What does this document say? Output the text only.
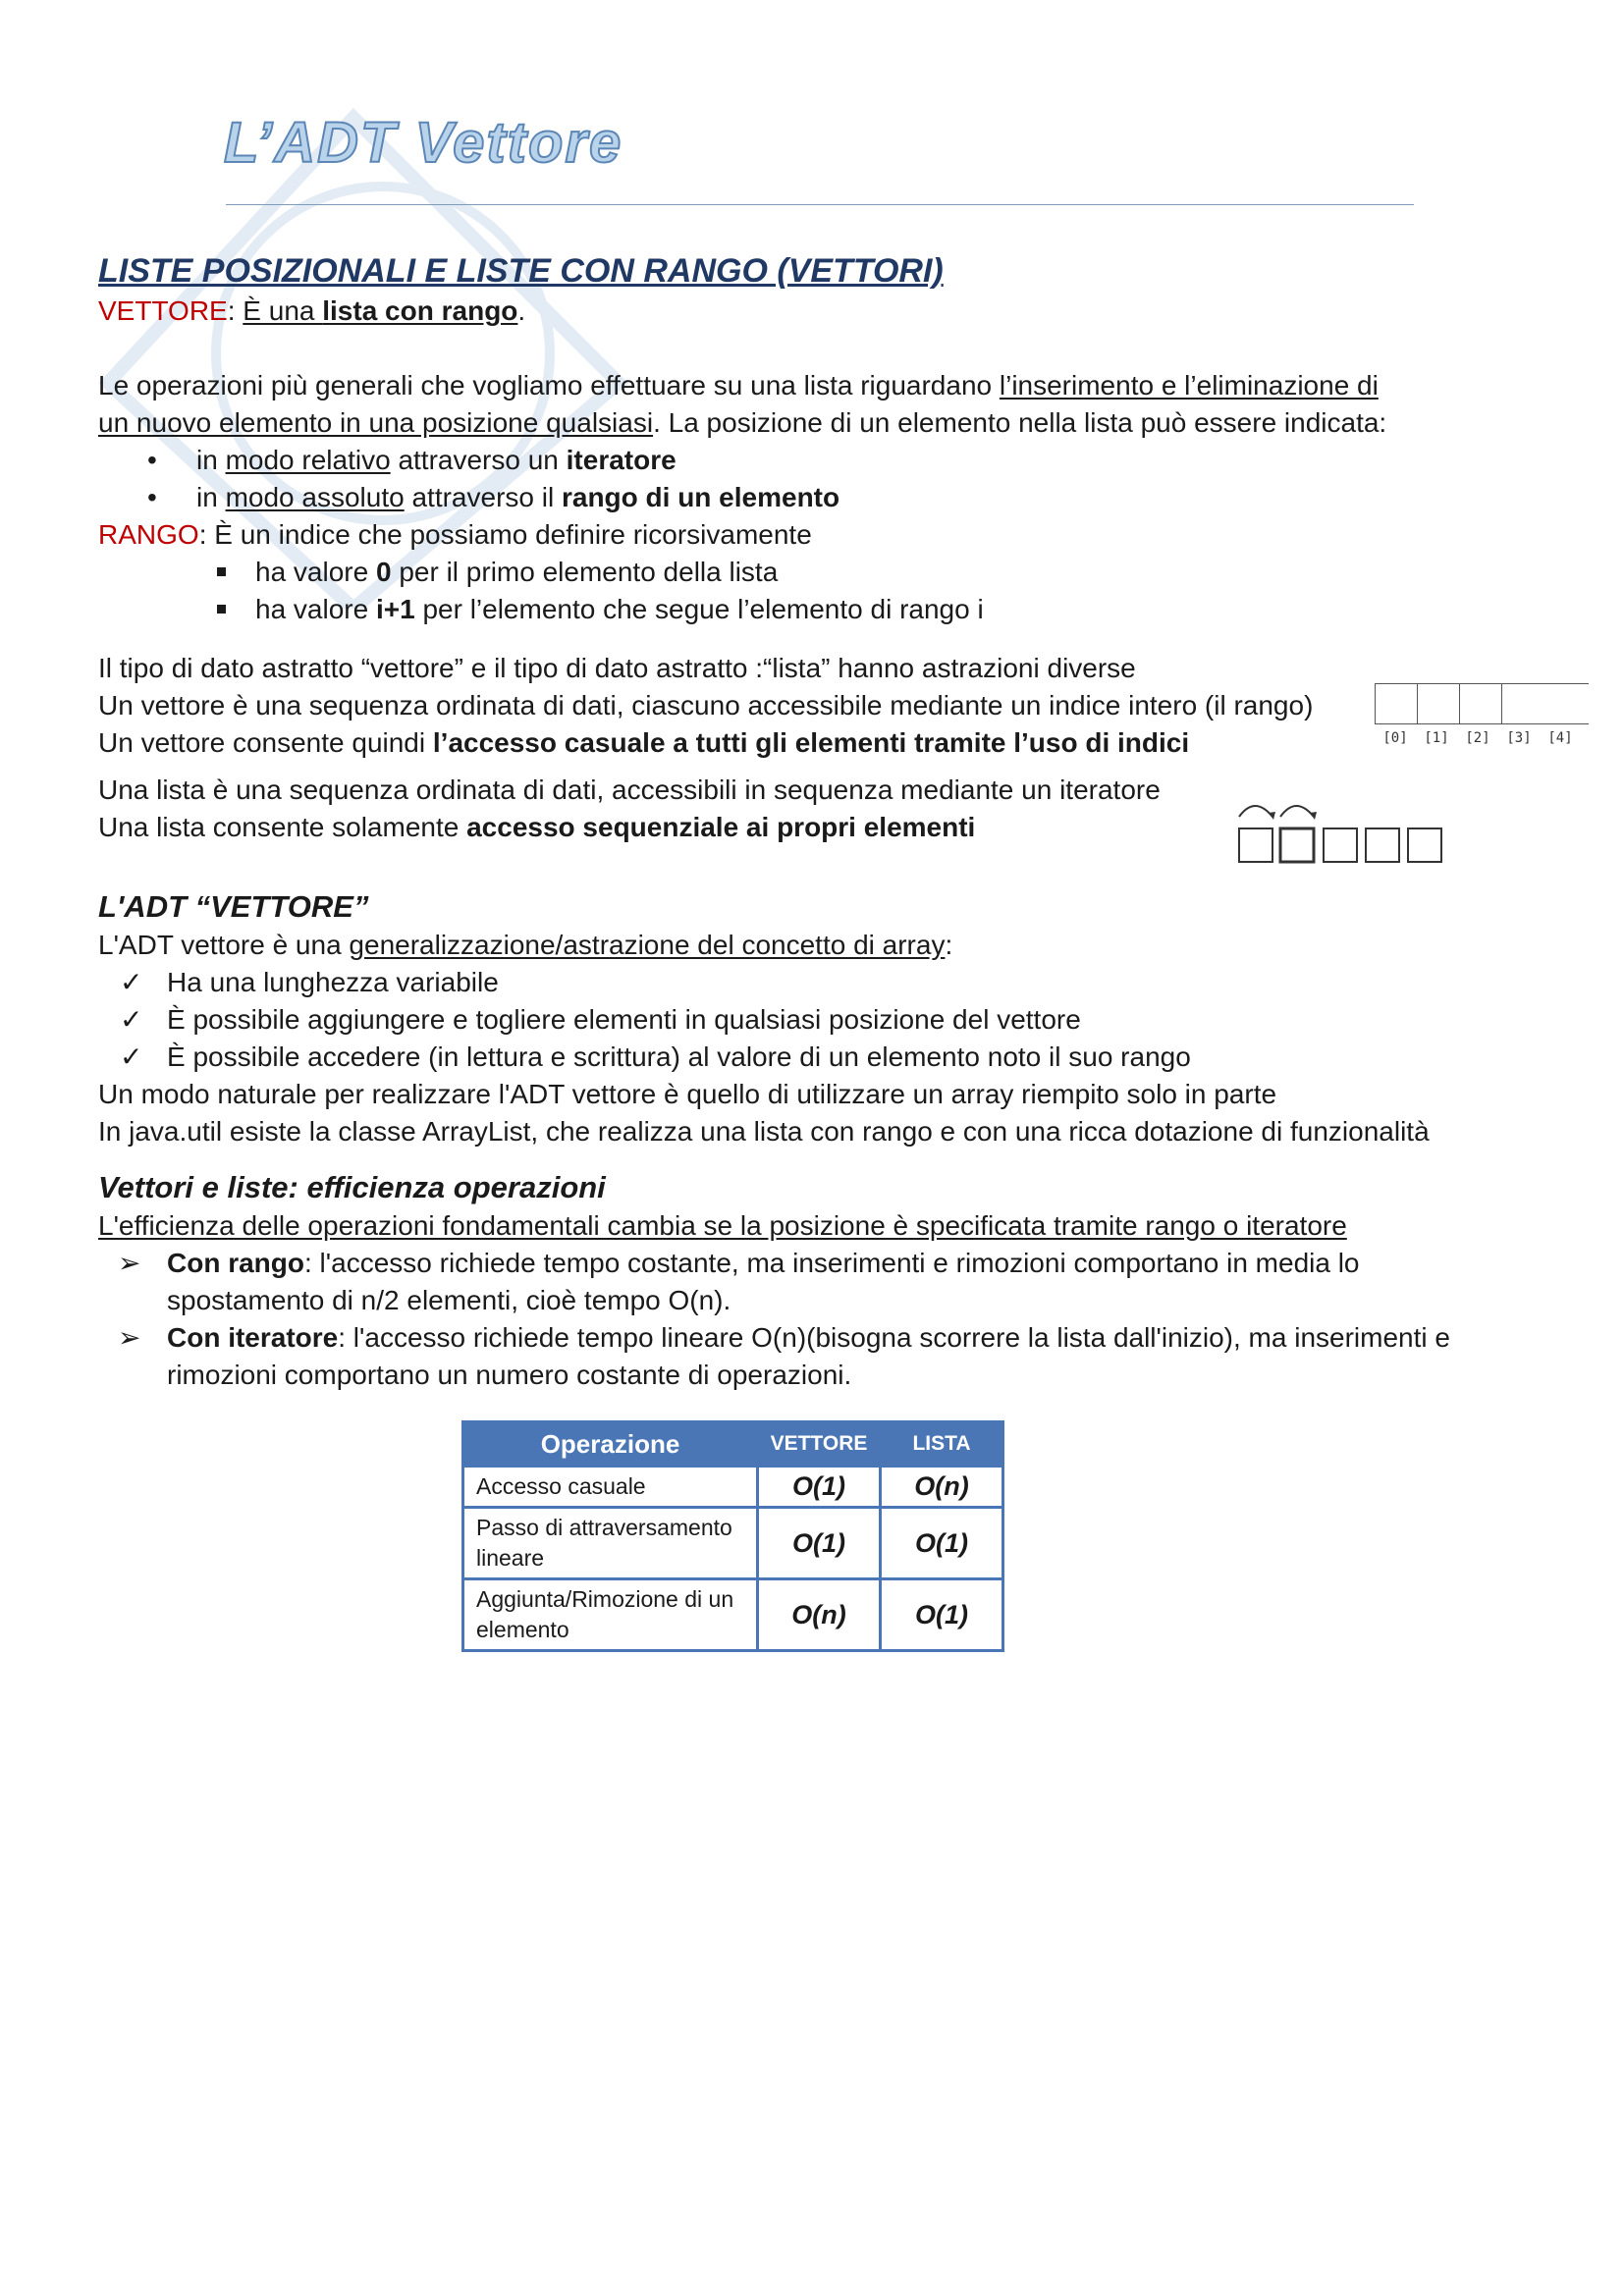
L’ADT Vettore

LISTE POSIZIONALI E LISTE CON RANGO (VETTORI)

VETTORE: È una lista con rango.

Le operazioni più generali che vogliamo effettuare su una lista riguardano l’inserimento e l’eliminazione di
un nuovo elemento in una posizione qualsiasi. La posizione di un elemento nella lista può essere indicata:

• in modo relativo attraverso un iteratore
• in modo assoluto attraverso il rango di un elemento

RANGO: È un indice che possiamo definire ricorsivamente

ha valore 0 per il primo elemento della lista
ha valore i+1 per l’elemento che segue l’elemento di rango i

Il tipo di dato astratto “vettore” e il tipo di dato astratto :“lista” hanno astrazioni diverse

Un vettore è una sequenza ordinata di dati, ciascuno accessibile mediante un indice intero (il rango)

Un vettore consente quindi l’accesso casuale a tutti gli elementi tramite l’uso di indici

Una lista è una sequenza ordinata di dati, accessibili in sequenza mediante un iteratore

Una lista consente solamente accesso sequenziale ai propri elementi

L'ADT “VETTORE”

L'ADT vettore è una generalizzazione/astrazione del concetto di array:

✓ Ha una lunghezza variabile
✓ È possibile aggiungere e togliere elementi in qualsiasi posizione del vettore
✓ È possibile accedere (in lettura e scrittura) al valore di un elemento noto il suo rango

Un modo naturale per realizzare l'ADT vettore è quello di utilizzare un array riempito solo in parte

In java.util esiste la classe ArrayList, che realizza una lista con rango e con una ricca dotazione di funzionalità

Vettori e liste: efficienza operazioni

L'efficienza delle operazioni fondamentali cambia se la posizione è specificata tramite rango o iteratore

➢ Con rango: l'accesso richiede tempo costante, ma inserimenti e rimozioni comportano in media lo spostamento di n/2 elementi, cioè tempo O(n).
➢ Con iteratore: l'accesso richiede tempo lineare O(n)(bisogna scorrere la lista dall'inizio), ma inserimenti e rimozioni comportano un numero costante di operazioni.
[0]	[1]	[2]	[3]	[4]
Operazione	VETTORE	LISTA
Accesso casuale	O(1)	O(n)
Passo di attraversamento lineare	O(1)	O(1)
Aggiunta/Rimozione di un elemento	O(n)	O(1)
